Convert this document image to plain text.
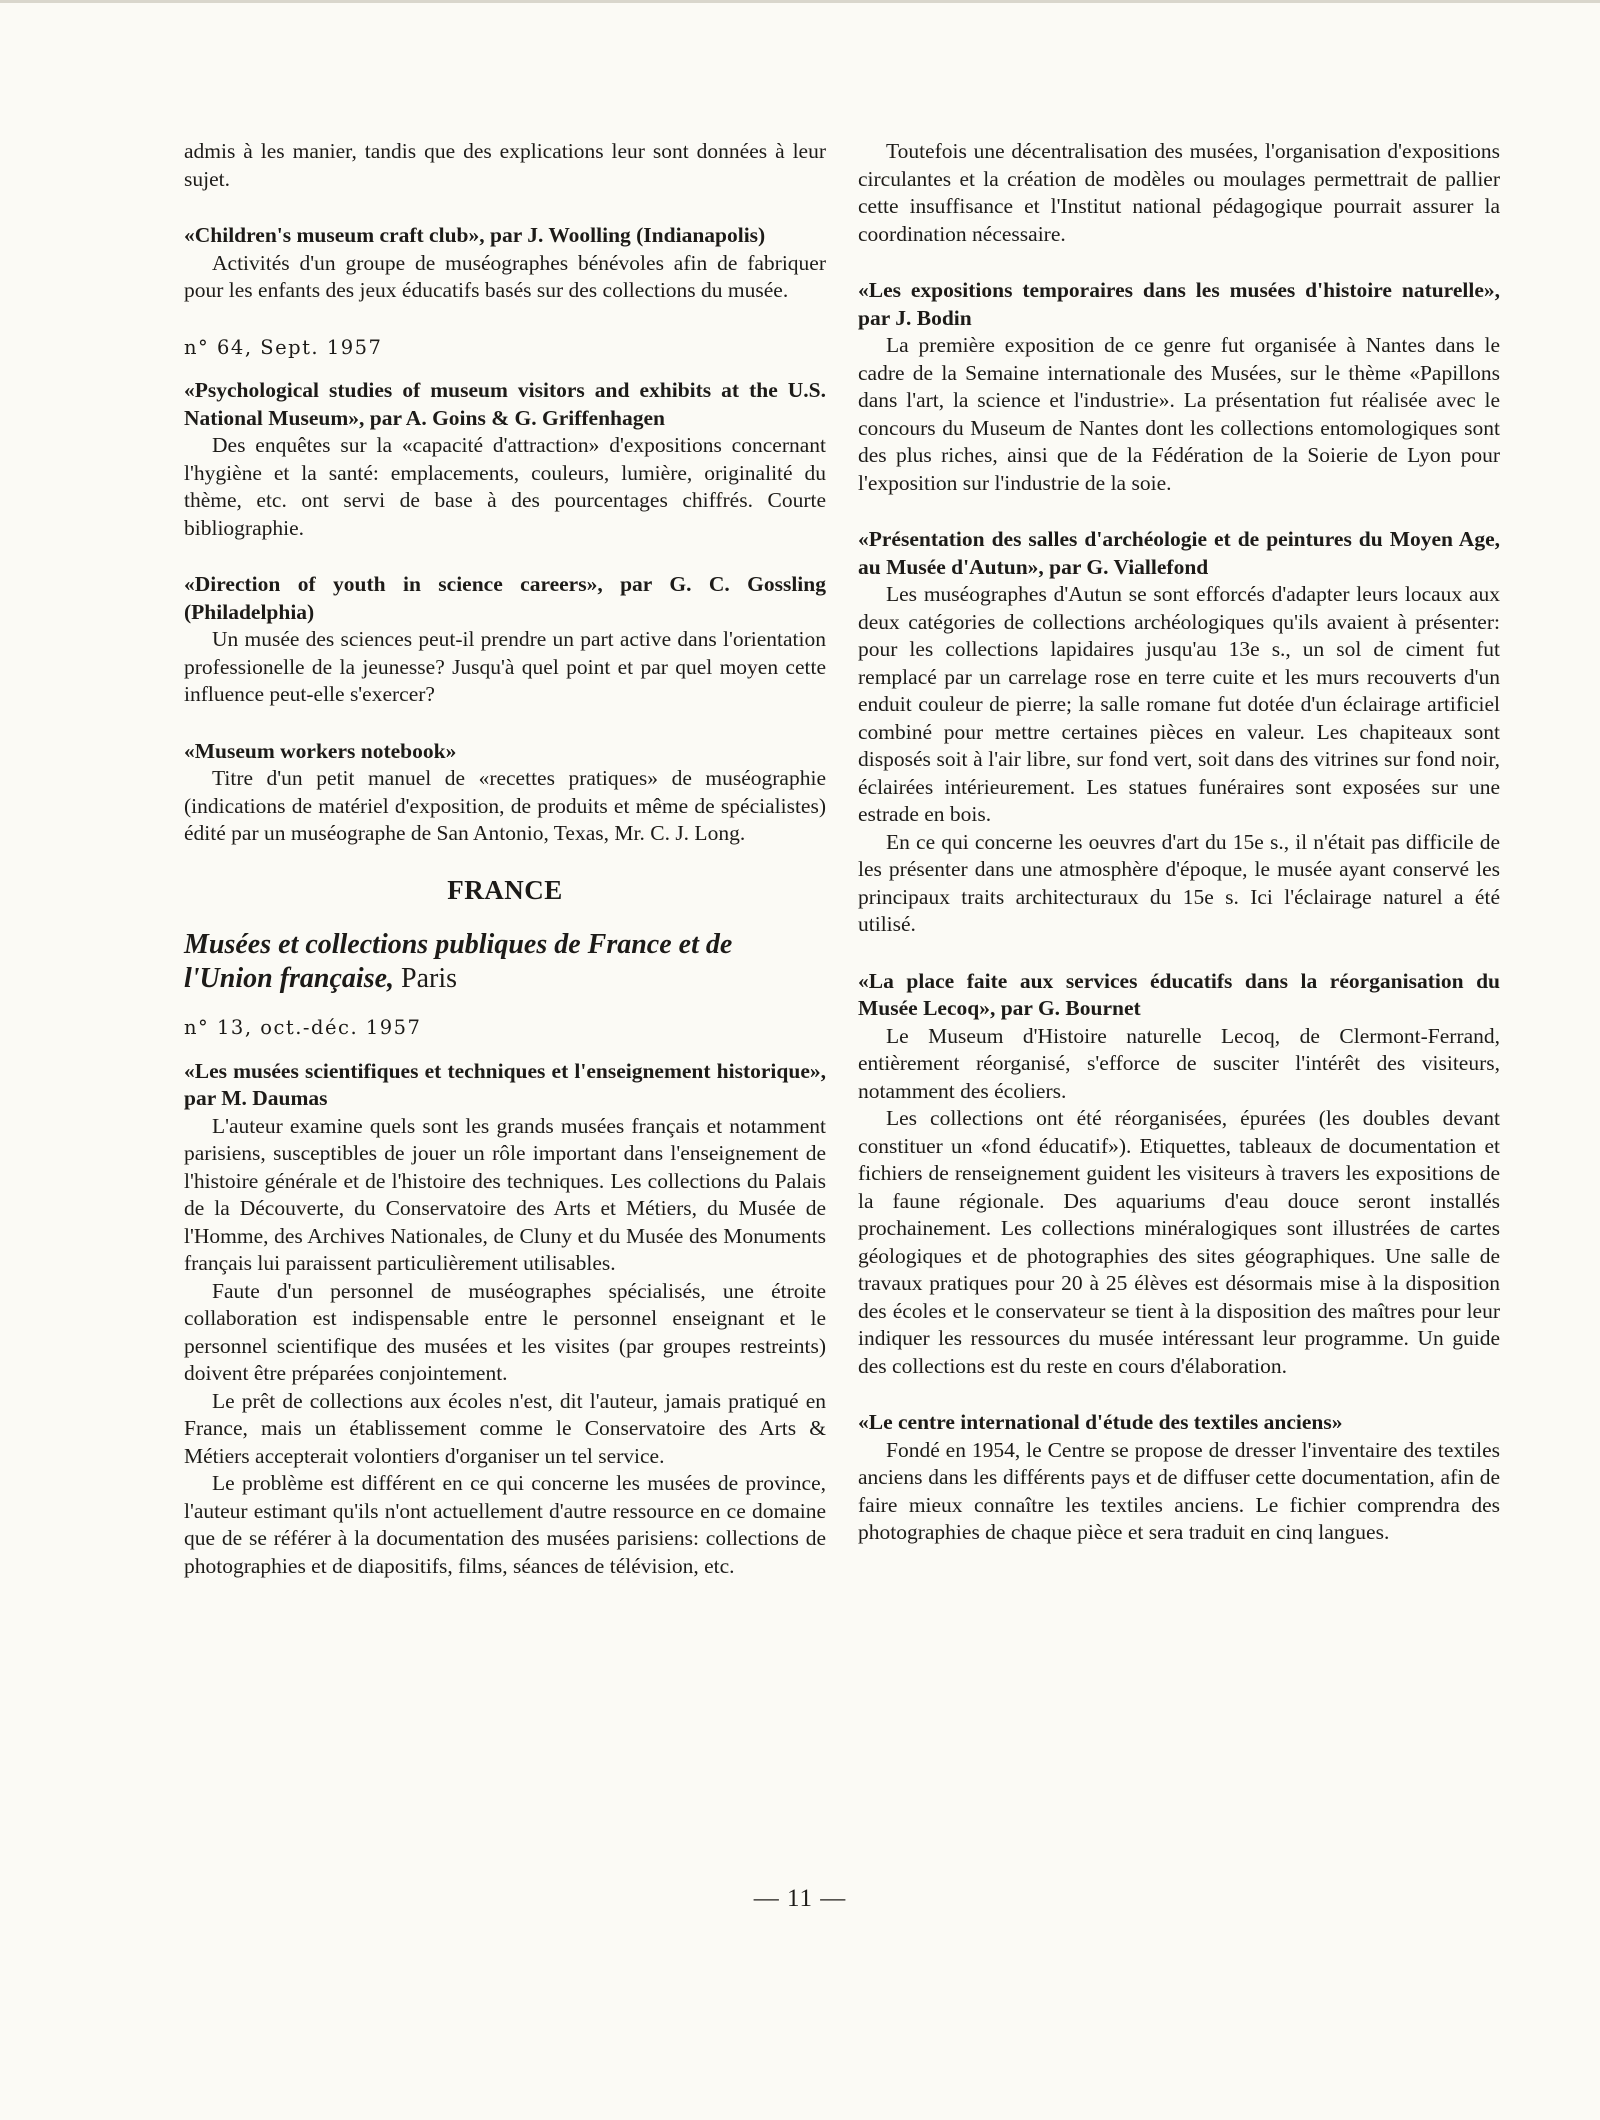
admis à les manier, tandis que des explications leur sont données à leur sujet.

«Children's museum craft club», par J. Woolling (Indianapolis)

Activités d'un groupe de muséographes bénévoles afin de fabriquer pour les enfants des jeux éducatifs basés sur des collections du musée.

n° 64, Sept. 1957

«Psychological studies of museum visitors and exhibits at the U.S. National Museum», par A. Goins & G. Griffenhagen

Des enquêtes sur la «capacité d'attraction» d'expositions concernant l'hygiène et la santé: emplacements, couleurs, lumière, originalité du thème, etc. ont servi de base à des pourcentages chiffrés. Courte bibliographie.

«Direction of youth in science careers», par G. C. Gossling (Philadelphia)

Un musée des sciences peut-il prendre un part active dans l'orientation professionelle de la jeunesse? Jusqu'à quel point et par quel moyen cette influence peut-elle s'exercer?

«Museum workers notebook»

Titre d'un petit manuel de «recettes pratiques» de muséographie (indications de matériel d'exposition, de produits et même de spécialistes) édité par un muséographe de San Antonio, Texas, Mr. C. J. Long.

FRANCE
Musées et collections publiques de France et de l'Union française, Paris
n° 13, oct.-déc. 1957

«Les musées scientifiques et techniques et l'enseignement historique», par M. Daumas

L'auteur examine quels sont les grands musées français et notamment parisiens, susceptibles de jouer un rôle important dans l'enseignement de l'histoire générale et de l'histoire des techniques. Les collections du Palais de la Découverte, du Conservatoire des Arts et Métiers, du Musée de l'Homme, des Archives Nationales, de Cluny et du Musée des Monuments français lui paraissent particulièrement utilisables.

Faute d'un personnel de muséographes spécialisés, une étroite collaboration est indispensable entre le personnel enseignant et le personnel scientifique des musées et les visites (par groupes restreints) doivent être préparées conjointement.

Le prêt de collections aux écoles n'est, dit l'auteur, jamais pratiqué en France, mais un établissement comme le Conservatoire des Arts & Métiers accepterait volontiers d'organiser un tel service.

Le problème est différent en ce qui concerne les musées de province, l'auteur estimant qu'ils n'ont actuellement d'autre ressource en ce domaine que de se référer à la documentation des musées parisiens: collections de photographies et de diapositifs, films, séances de télévision, etc.

Toutefois une décentralisation des musées, l'organisation d'expositions circulantes et la création de modèles ou moulages permettrait de pallier cette insuffisance et l'Institut national pédagogique pourrait assurer la coordination nécessaire.

«Les expositions temporaires dans les musées d'histoire naturelle», par J. Bodin

La première exposition de ce genre fut organisée à Nantes dans le cadre de la Semaine internationale des Musées, sur le thème «Papillons dans l'art, la science et l'industrie». La présentation fut réalisée avec le concours du Museum de Nantes dont les collections entomologiques sont des plus riches, ainsi que de la Fédération de la Soierie de Lyon pour l'exposition sur l'industrie de la soie.

«Présentation des salles d'archéologie et de peintures du Moyen Age, au Musée d'Autun», par G. Viallefond

Les muséographes d'Autun se sont efforcés d'adapter leurs locaux aux deux catégories de collections archéologiques qu'ils avaient à présenter: pour les collections lapidaires jusqu'au 13e s., un sol de ciment fut remplacé par un carrelage rose en terre cuite et les murs recouverts d'un enduit couleur de pierre; la salle romane fut dotée d'un éclairage artificiel combiné pour mettre certaines pièces en valeur. Les chapiteaux sont disposés soit à l'air libre, sur fond vert, soit dans des vitrines sur fond noir, éclairées intérieurement. Les statues funéraires sont exposées sur une estrade en bois.

En ce qui concerne les oeuvres d'art du 15e s., il n'était pas difficile de les présenter dans une atmosphère d'époque, le musée ayant conservé les principaux traits architecturaux du 15e s. Ici l'éclairage naturel a été utilisé.

«La place faite aux services éducatifs dans la réorganisation du Musée Lecoq», par G. Bournet

Le Museum d'Histoire naturelle Lecoq, de Clermont-Ferrand, entièrement réorganisé, s'efforce de susciter l'intérêt des visiteurs, notamment des écoliers.

Les collections ont été réorganisées, épurées (les doubles devant constituer un «fond éducatif»). Etiquettes, tableaux de documentation et fichiers de renseignement guident les visiteurs à travers les expositions de la faune régionale. Des aquariums d'eau douce seront installés prochainement. Les collections minéralogiques sont illustrées de cartes géologiques et de photographies des sites géographiques. Une salle de travaux pratiques pour 20 à 25 élèves est désormais mise à la disposition des écoles et le conservateur se tient à la disposition des maîtres pour leur indiquer les ressources du musée intéressant leur programme. Un guide des collections est du reste en cours d'élaboration.

«Le centre international d'étude des textiles anciens»

Fondé en 1954, le Centre se propose de dresser l'inventaire des textiles anciens dans les différents pays et de diffuser cette documentation, afin de faire mieux connaître les textiles anciens. Le fichier comprendra des photographies de chaque pièce et sera traduit en cinq langues.

— 11 —
